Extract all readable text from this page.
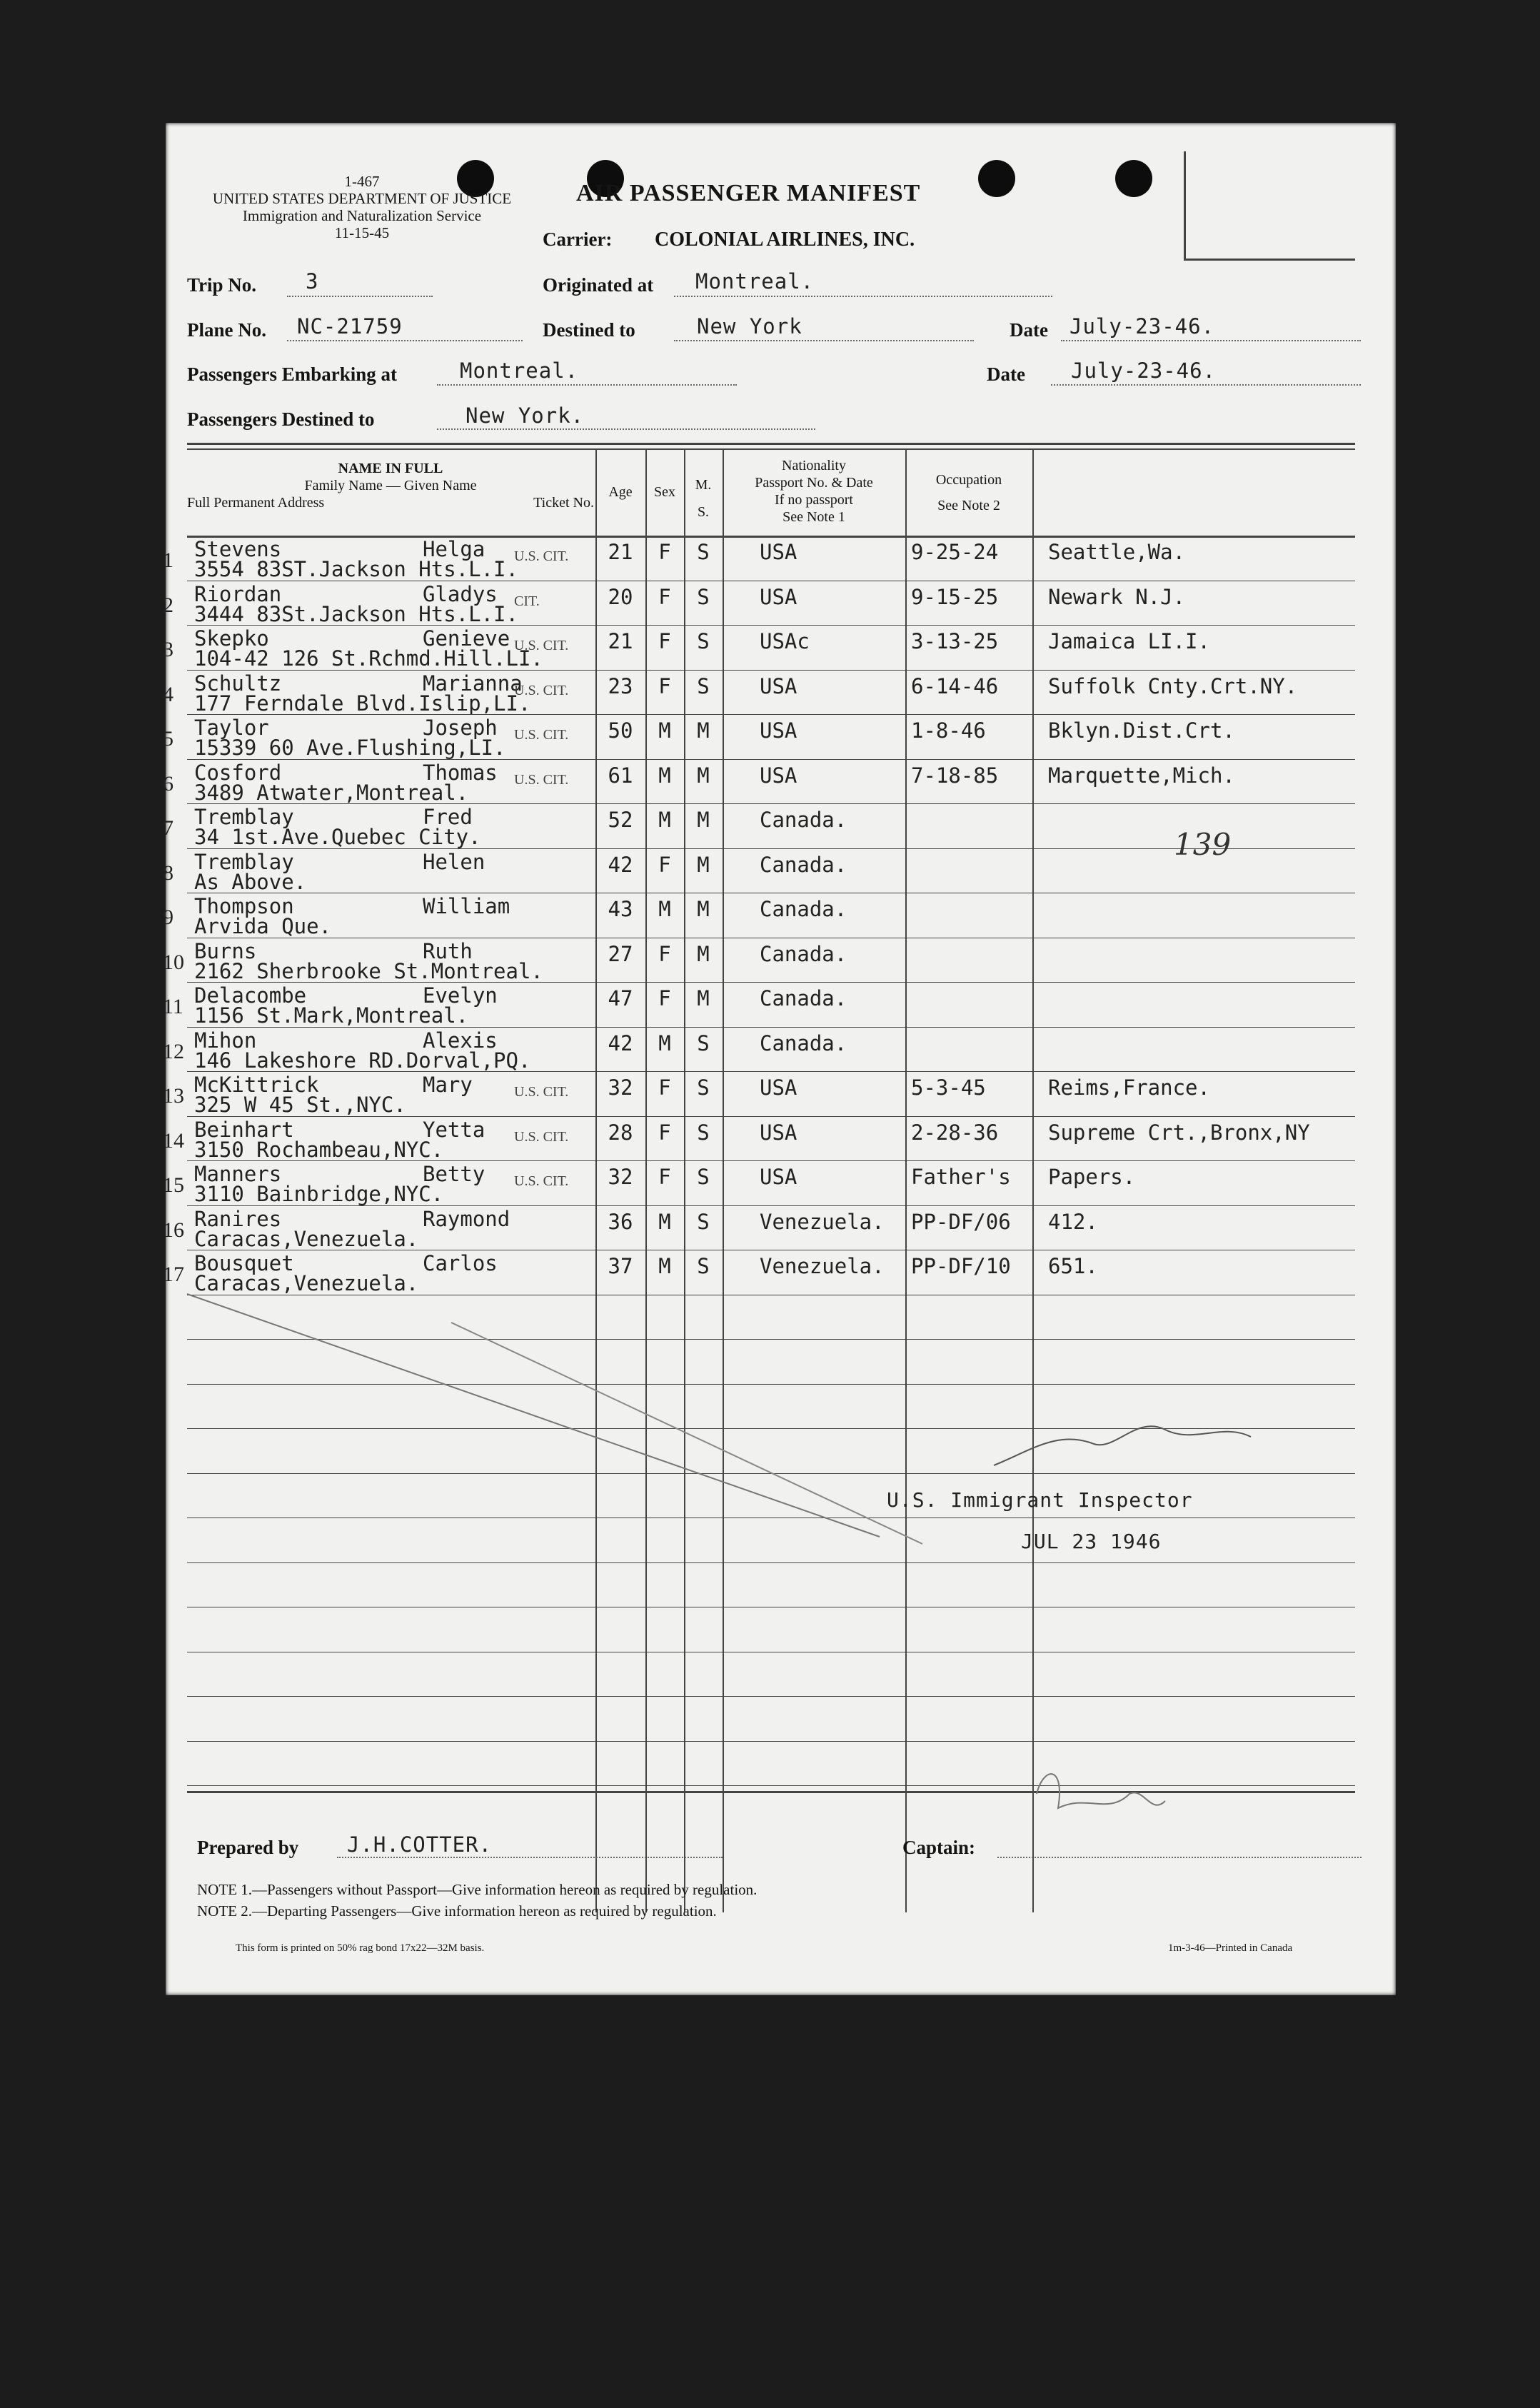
1-467
UNITED STATES DEPARTMENT OF JUSTICE
Immigration and Naturalization Service
11-15-45
AIR PASSENGER MANIFEST
Carrier: COLONIAL AIRLINES, INC.
Trip No. 3	Originated at Montreal.
Plane No. NC-21759	Destined to	New York	Date July-23-46.
Passengers Embarking at	Montreal.	Date July-23-46.
Passengers Destined to	New York.
NAME IN FULL
Family Name — Given Name
Full Permanent Address	Ticket No.
Age	Sex	M.
S.
Nationality
Passport No. & Date
If no passport
See Note 1
Occupation
See Note 2
1 Stevens	Helga
3554 83ST.Jackson Hts.L.I.
U.S. CIT.	21	F	S	USA	9-25-24 Seattle,Wa.
2 Riordan	Gladys
3444 83St.Jackson Hts.L.I.
CIT.	20	F	S	USA	9-15-25 Newark N.J.
3 Skepko	Genieve
104-42 126 St.Rchmd.Hill.LI.
U.S. CIT.	21	F	S	USAc	3-13-25 Jamaica LI.I.
4 Schultz	Marianna
177 Ferndale Blvd.Islip,LI.
U.S. CIT.	23	F	S	USA	6-14-46 Suffolk Cnty.Crt.NY.
5 Taylor	Joseph
15339 60 Ave.Flushing,LI.
U.S. CIT.	50	M	M	USA	1-8-46	Bklyn.Dist.Crt.
6 Cosford	Thomas
3489 Atwater,Montreal.
U.S. CIT.	61	M	M	USA	7-18-85 Marquette,Mich.
7 Tremblay	Fred
34 1st.Ave.Quebec City.
52	M	M	Canada.
8 Tremblay	Helen
As Above.
42	F	M	Canada.
9 Thompson	William
Arvida Que.
43	M	M	Canada.
10 Burns	Ruth
2162 Sherbrooke St.Montreal.
27	F	M	Canada.
11 Delacombe	Evelyn
1156 St.Mark,Montreal.
47	F	M	Canada.
12 Mihon	Alexis
146 Lakeshore RD.Dorval,PQ.
42	M	S	Canada.
13 McKittrick	Mary
325 W 45 St.,NYC.
U.S. CIT.	32	F	S	USA	5-3-45	Reims,France.
14 Beinhart	Yetta
3150 Rochambeau,NYC.
U.S. CIT.	28	F	S	USA	2-28-36 Supreme Crt.,Bronx,NY
15 Manners	Betty
3110 Bainbridge,NYC.
U.S. CIT.	32	F	S	USA	Father's Papers.
16 Ranires	Raymond
Caracas,Venezuela.
36	M	S	Venezuela. PP-DF/06 412.
17 Bousquet	Carlos
Caracas,Venezuela.
37	M	S	Venezuela. PP-DF/10 651.
139
U.S. Immigrant Inspector
JUL 23 1946
Prepared by J.H.COTTER.	Captain:
NOTE 1.—Passengers without Passport—Give information hereon as required by regulation.
NOTE 2.—Departing Passengers—Give information hereon as required by regulation.
This form is printed on 50% rag bond 17x22—32M basis.	1m-3-46—Printed in Canada
